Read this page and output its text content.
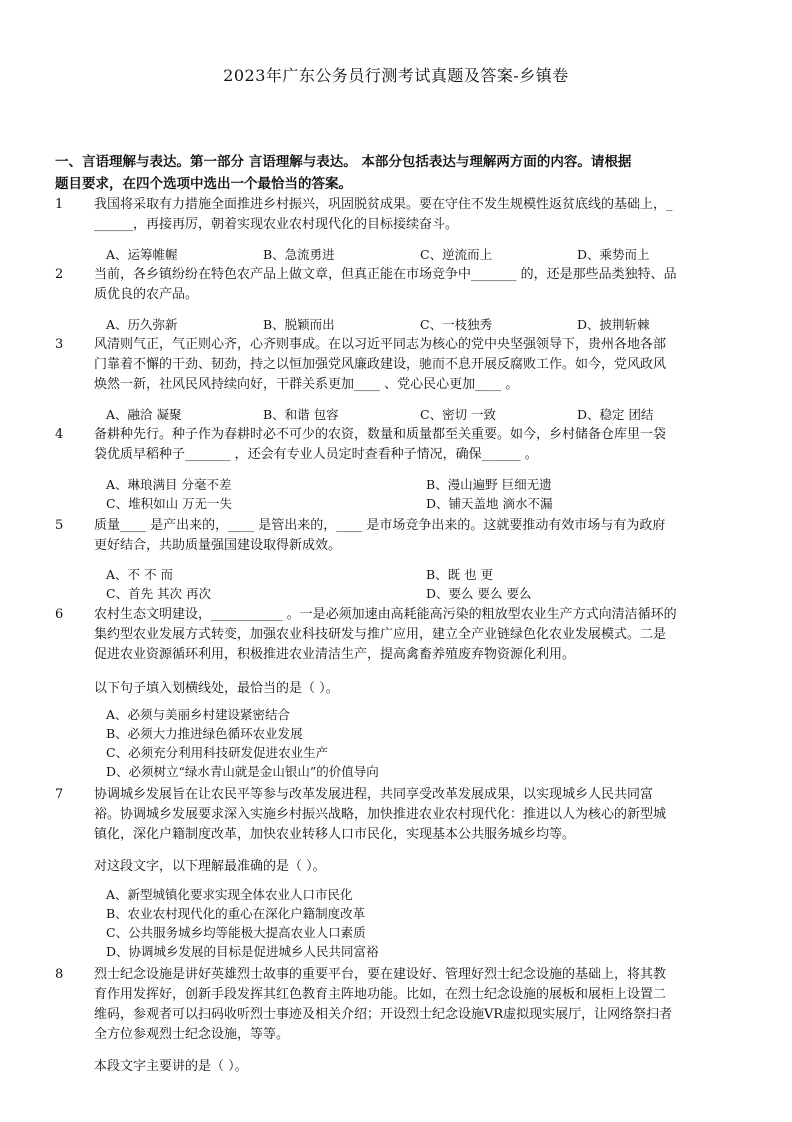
2023年广东公务员行测考试真题及答案-乡镇卷
一、言语理解与表达。第一部分 言语理解与表达。 本部分包括表达与理解两方面的内容。请根据
题目要求，在四个选项中选出一个最恰当的答案。
1	我国将采取有力措施全面推进乡村振兴，巩固脱贫成果。要在守住不发生规模性返贫底线的基础上，_
______，再接再厉，朝着实现农业农村现代化的目标接续奋斗。
A、运筹帷幄	B、急流勇进	C、逆流而上	D、乘势而上
2	当前，各乡镇纷纷在特色农产品上做文章，但真正能在市场竞争中_______ 的，还是那些品类独特、品
质优良的农产品。
A、历久弥新	B、脱颖而出	C、一枝独秀	D、披荆斩棘
3	风清则气正，气正则心齐，心齐则事成。在以习近平同志为核心的党中央坚强领导下，贵州各地各部
门靠着不懈的干劲、韧劲，持之以恒加强党风廉政建设，驰而不息开展反腐败工作。如今，党风政风
焕然一新，社风民风持续向好，干群关系更加____ 、党心民心更加____ 。
A、融洽 凝聚	B、和谐 包容	C、密切 一致	D、稳定 团结
4	备耕种先行。种子作为春耕时必不可少的农资，数量和质量都至关重要。如今，乡村储备仓库里一袋
袋优质早稻种子_______ ，还会有专业人员定时查看种子情况，确保______ 。
A、琳琅满目 分毫不差	B、漫山遍野 巨细无遗
C、堆积如山 万无一失	D、铺天盖地 滴水不漏
5	质量____ 是产出来的，____ 是管出来的，____ 是市场竞争出来的。这就要推动有效市场与有为政府
更好结合，共助质量强国建设取得新成效。
A、不 不 而	B、既 也 更
C、首先 其次 再次	D、要么 要么 要么
6	农村生态文明建设，___________ 。一是必须加速由高耗能高污染的粗放型农业生产方式向清洁循环的
集约型农业发展方式转变，加强农业科技研发与推广应用，建立全产业链绿色化农业发展模式。二是
促进农业资源循环利用，积极推进农业清洁生产，提高禽畜养殖废弃物资源化利用。
以下句子填入划横线处，最恰当的是（ ）。
A、必须与美丽乡村建设紧密结合
B、必须大力推进绿色循环农业发展
C、必须充分利用科技研发促进农业生产
D、必须树立“绿水青山就是金山银山”的价值导向
7	协调城乡发展旨在让农民平等参与改革发展进程，共同享受改革发展成果，以实现城乡人民共同富
裕。协调城乡发展要求深入实施乡村振兴战略，加快推进农业农村现代化：推进以人为核心的新型城
镇化，深化户籍制度改革，加快农业转移人口市民化，实现基本公共服务城乡均等。
对这段文字，以下理解最准确的是（ ）。
A、新型城镇化要求实现全体农业人口市民化
B、农业农村现代化的重心在深化户籍制度改革
C、公共服务城乡均等能极大提高农业人口素质
D、协调城乡发展的目标是促进城乡人民共同富裕
8	烈士纪念设施是讲好英雄烈士故事的重要平台，要在建设好、管理好烈士纪念设施的基础上，将其教
育作用发挥好，创新手段发挥其红色教育主阵地功能。比如，在烈士纪念设施的展板和展柜上设置二
维码，参观者可以扫码收听烈士事迹及相关介绍；开设烈士纪念设施VR虚拟现实展厅，让网络祭扫者
全方位参观烈士纪念设施，等等。
本段文字主要讲的是（ ）。
